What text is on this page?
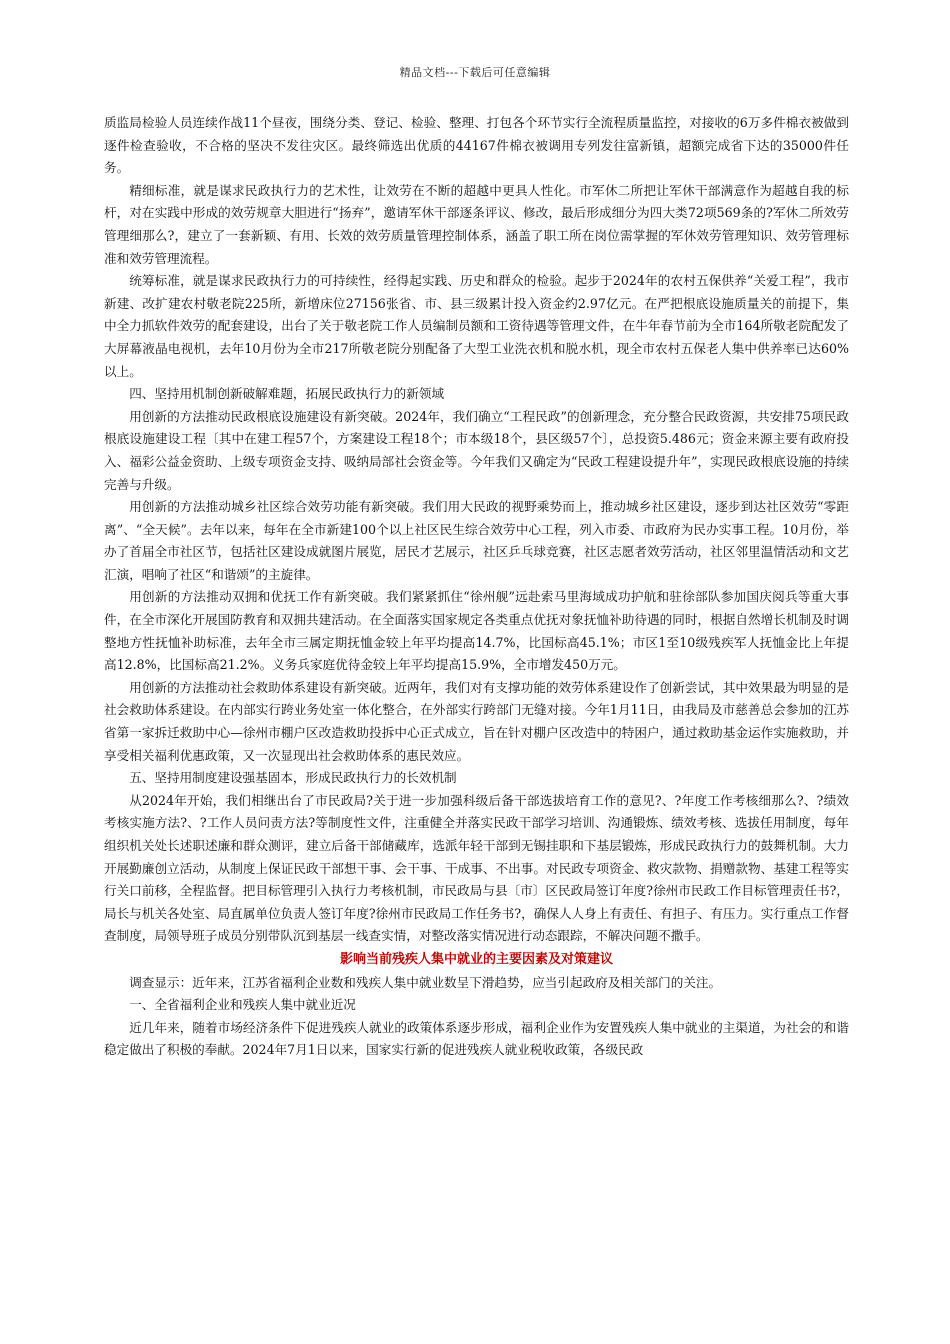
精品文档---下载后可任意编辑

质监局检验人员连续作战11个昼夜，围绕分类、登记、检验、整理、打包各个环节实行全流程质量监控，对接收的6万多件棉衣被做到逐件检查验收，不合格的坚决不发往灾区。最终筛选出优质的44167件棉衣被调用专列发往富新镇，超额完成省下达的35000件任务。

精细标准，就是谋求民政执行力的艺术性，让效劳在不断的超越中更具人性化。市军休二所把让军休干部满意作为超越自我的标杆，对在实践中形成的效劳规章大胆进行“扬弃”，邀请军休干部逐条评议、修改，最后形成细分为四大类72项569条的?军休二所效劳管理细那么?，建立了一套新颖、有用、长效的效劳质量管理控制体系，涵盖了职工所在岗位需掌握的军休效劳管理知识、效劳管理标准和效劳管理流程。

统筹标准，就是谋求民政执行力的可持续性，经得起实践、历史和群众的检验。起步于2024年的农村五保供养“关爱工程”，我市新建、改扩建农村敬老院225所，新增床位27156张省、市、县三级累计投入资金约2.97亿元。在严把根底设施质量关的前提下，集中全力抓软件效劳的配套建设，出台了关于敬老院工作人员编制员额和工资待遇等管理文件，在牛年春节前为全市164所敬老院配发了大屏幕液晶电视机，去年10月份为全市217所敬老院分别配备了大型工业洗衣机和脱水机，现全市农村五保老人集中供养率已达60%以上。

四、坚持用机制创新破解难题，拓展民政执行力的新领域

用创新的方法推动民政根底设施建设有新突破。2024年，我们确立“工程民政”的创新理念，充分整合民政资源，共安排75项民政根底设施建设工程〔其中在建工程57个，方案建设工程18个；市本级18个，县区级57个〕，总投资5.486元；资金来源主要有政府投入、福彩公益金资助、上级专项资金支持、吸纳局部社会资金等。今年我们又确定为“民政工程建设提升年”，实现民政根底设施的持续完善与升级。

用创新的方法推动城乡社区综合效劳功能有新突破。我们用大民政的视野乘势而上，推动城乡社区建设，逐步到达社区效劳“零距离”、“全天候”。去年以来，每年在全市新建100个以上社区民生综合效劳中心工程，列入市委、市政府为民办实事工程。10月份，举办了首届全市社区节，包括社区建设成就图片展览，居民才艺展示，社区乒乓球竞赛，社区志愿者效劳活动，社区邻里温情活动和文艺汇演，唱响了社区“和谐颂”的主旋律。

用创新的方法推动双拥和优抚工作有新突破。我们紧紧抓住“徐州舰”远赴索马里海域成功护航和驻徐部队参加国庆阅兵等重大事件，在全市深化开展国防教育和双拥共建活动。在全面落实国家规定各类重点优抚对象抚恤补助待遇的同时，根据自然增长机制及时调整地方性抚恤补助标准，去年全市三属定期抚恤金较上年平均提高14.7%，比国标高45.1%；市区1至10级残疾军人抚恤金比上年提高12.8%，比国标高21.2%。义务兵家庭优待金较上年平均提高15.9%，全市增发450万元。

用创新的方法推动社会救助体系建设有新突破。近两年，我们对有支撑功能的效劳体系建设作了创新尝试，其中效果最为明显的是社会救助体系建设。在内部实行跨业务处室一体化整合，在外部实行跨部门无缝对接。今年1月11日，由我局及市慈善总会参加的江苏省第一家拆迁救助中心—徐州市棚户区改造救助投拆中心正式成立，旨在针对棚户区改造中的特困户，通过救助基金运作实施救助，并享受相关福利优惠政策，又一次显现出社会救助体系的惠民效应。

五、坚持用制度建设强基固本，形成民政执行力的长效机制

从2024年开始，我们相继出台了市民政局?关于进一步加强科级后备干部选拔培育工作的意见?、?年度工作考核细那么?、?绩效考核实施方法?、?工作人员问责方法?等制度性文件，注重健全并落实民政干部学习培训、沟通锻炼、绩效考核、选拔任用制度，每年组织机关处长述职述廉和群众测评，建立后备干部储藏库，选派年轻干部到无锡挂职和下基层锻炼，形成民政执行力的鼓舞机制。大力开展勤廉创立活动，从制度上保证民政干部想干事、会干事、干成事、不出事。对民政专项资金、救灾款物、捐赠款物、基建工程等实行关口前移，全程监督。把目标管理引入执行力考核机制，市民政局与县〔市〕区民政局签订年度?徐州市民政工作目标管理责任书?，局长与机关各处室、局直属单位负责人签订年度?徐州市民政局工作任务书?，确保人人身上有责任、有担子、有压力。实行重点工作督查制度，局领导班子成员分别带队沉到基层一线查实情，对整改落实情况进行动态跟踪，不解决问题不撒手。

影响当前残疾人集中就业的主要因素及对策建议

调查显示：近年来，江苏省福利企业数和残疾人集中就业数呈下滑趋势，应当引起政府及相关部门的关注。

一、全省福利企业和残疾人集中就业近况

近几年来，随着市场经济条件下促进残疾人就业的政策体系逐步形成，福利企业作为安置残疾人集中就业的主渠道，为社会的和谐稳定做出了积极的奉献。2024年7月1日以来，国家实行新的促进残疾人就业税收政策，各级民政
